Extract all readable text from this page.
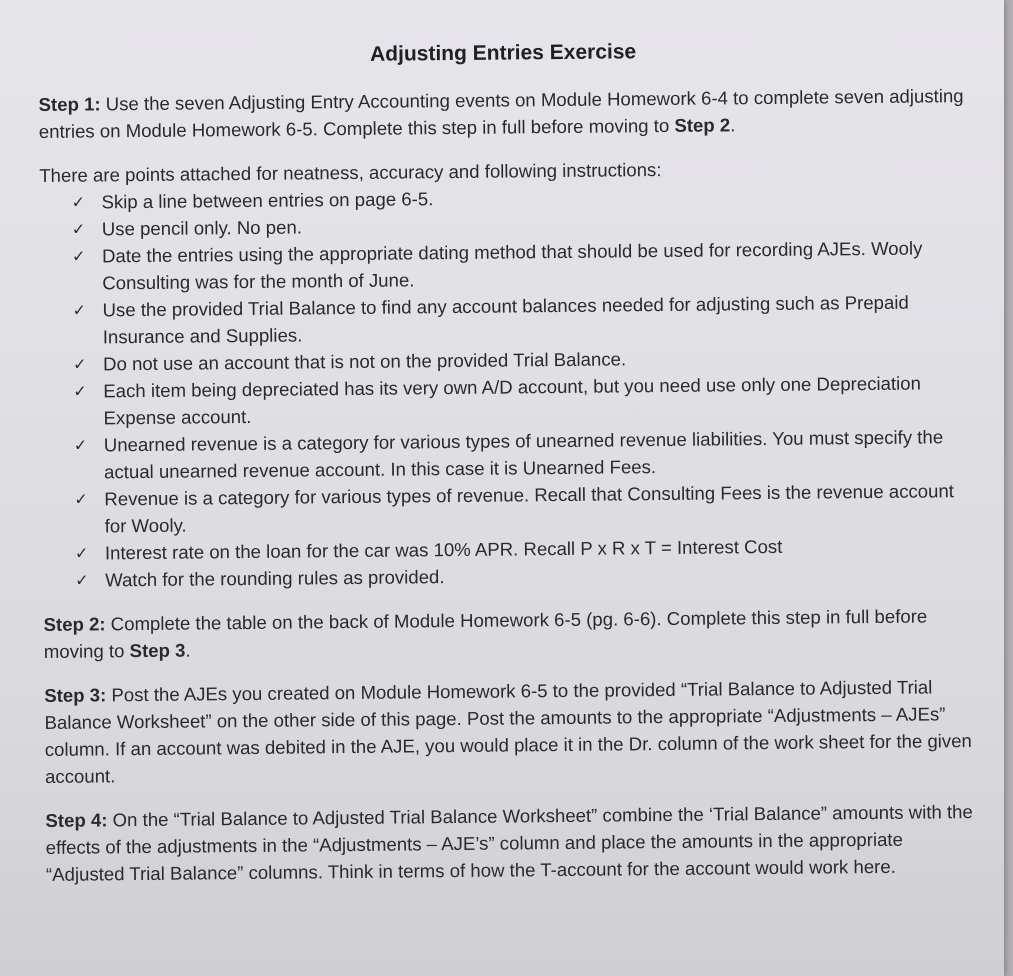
Adjusting Entries Exercise

Step 1: Use the seven Adjusting Entry Accounting events on Module Homework 6-4 to complete seven adjusting entries on Module Homework 6-5. Complete this step in full before moving to Step 2.

There are points attached for neatness, accuracy and following instructions:

✓ Skip a line between entries on page 6-5.
✓ Use pencil only. No pen.
✓ Date the entries using the appropriate dating method that should be used for recording AJEs. Wooly Consulting was for the month of June.
✓ Use the provided Trial Balance to find any account balances needed for adjusting such as Prepaid Insurance and Supplies.
✓ Do not use an account that is not on the provided Trial Balance.
✓ Each item being depreciated has its very own A/D account, but you need use only one Depreciation Expense account.
✓ Unearned revenue is a category for various types of unearned revenue liabilities. You must specify the actual unearned revenue account. In this case it is Unearned Fees.
✓ Revenue is a category for various types of revenue. Recall that Consulting Fees is the revenue account for Wooly.
✓ Interest rate on the loan for the car was 10% APR. Recall P x R x T = Interest Cost
✓ Watch for the rounding rules as provided.

Step 2: Complete the table on the back of Module Homework 6-5 (pg. 6-6). Complete this step in full before moving to Step 3.

Step 3: Post the AJEs you created on Module Homework 6-5 to the provided “Trial Balance to Adjusted Trial Balance Worksheet” on the other side of this page. Post the amounts to the appropriate “Adjustments – AJEs” column. If an account was debited in the AJE, you would place it in the Dr. column of the work sheet for the given account.

Step 4: On the “Trial Balance to Adjusted Trial Balance Worksheet” combine the ‘Trial Balance” amounts with the effects of the adjustments in the “Adjustments – AJE’s” column and place the amounts in the appropriate “Adjusted Trial Balance” columns. Think in terms of how the T-account for the account would work here.
